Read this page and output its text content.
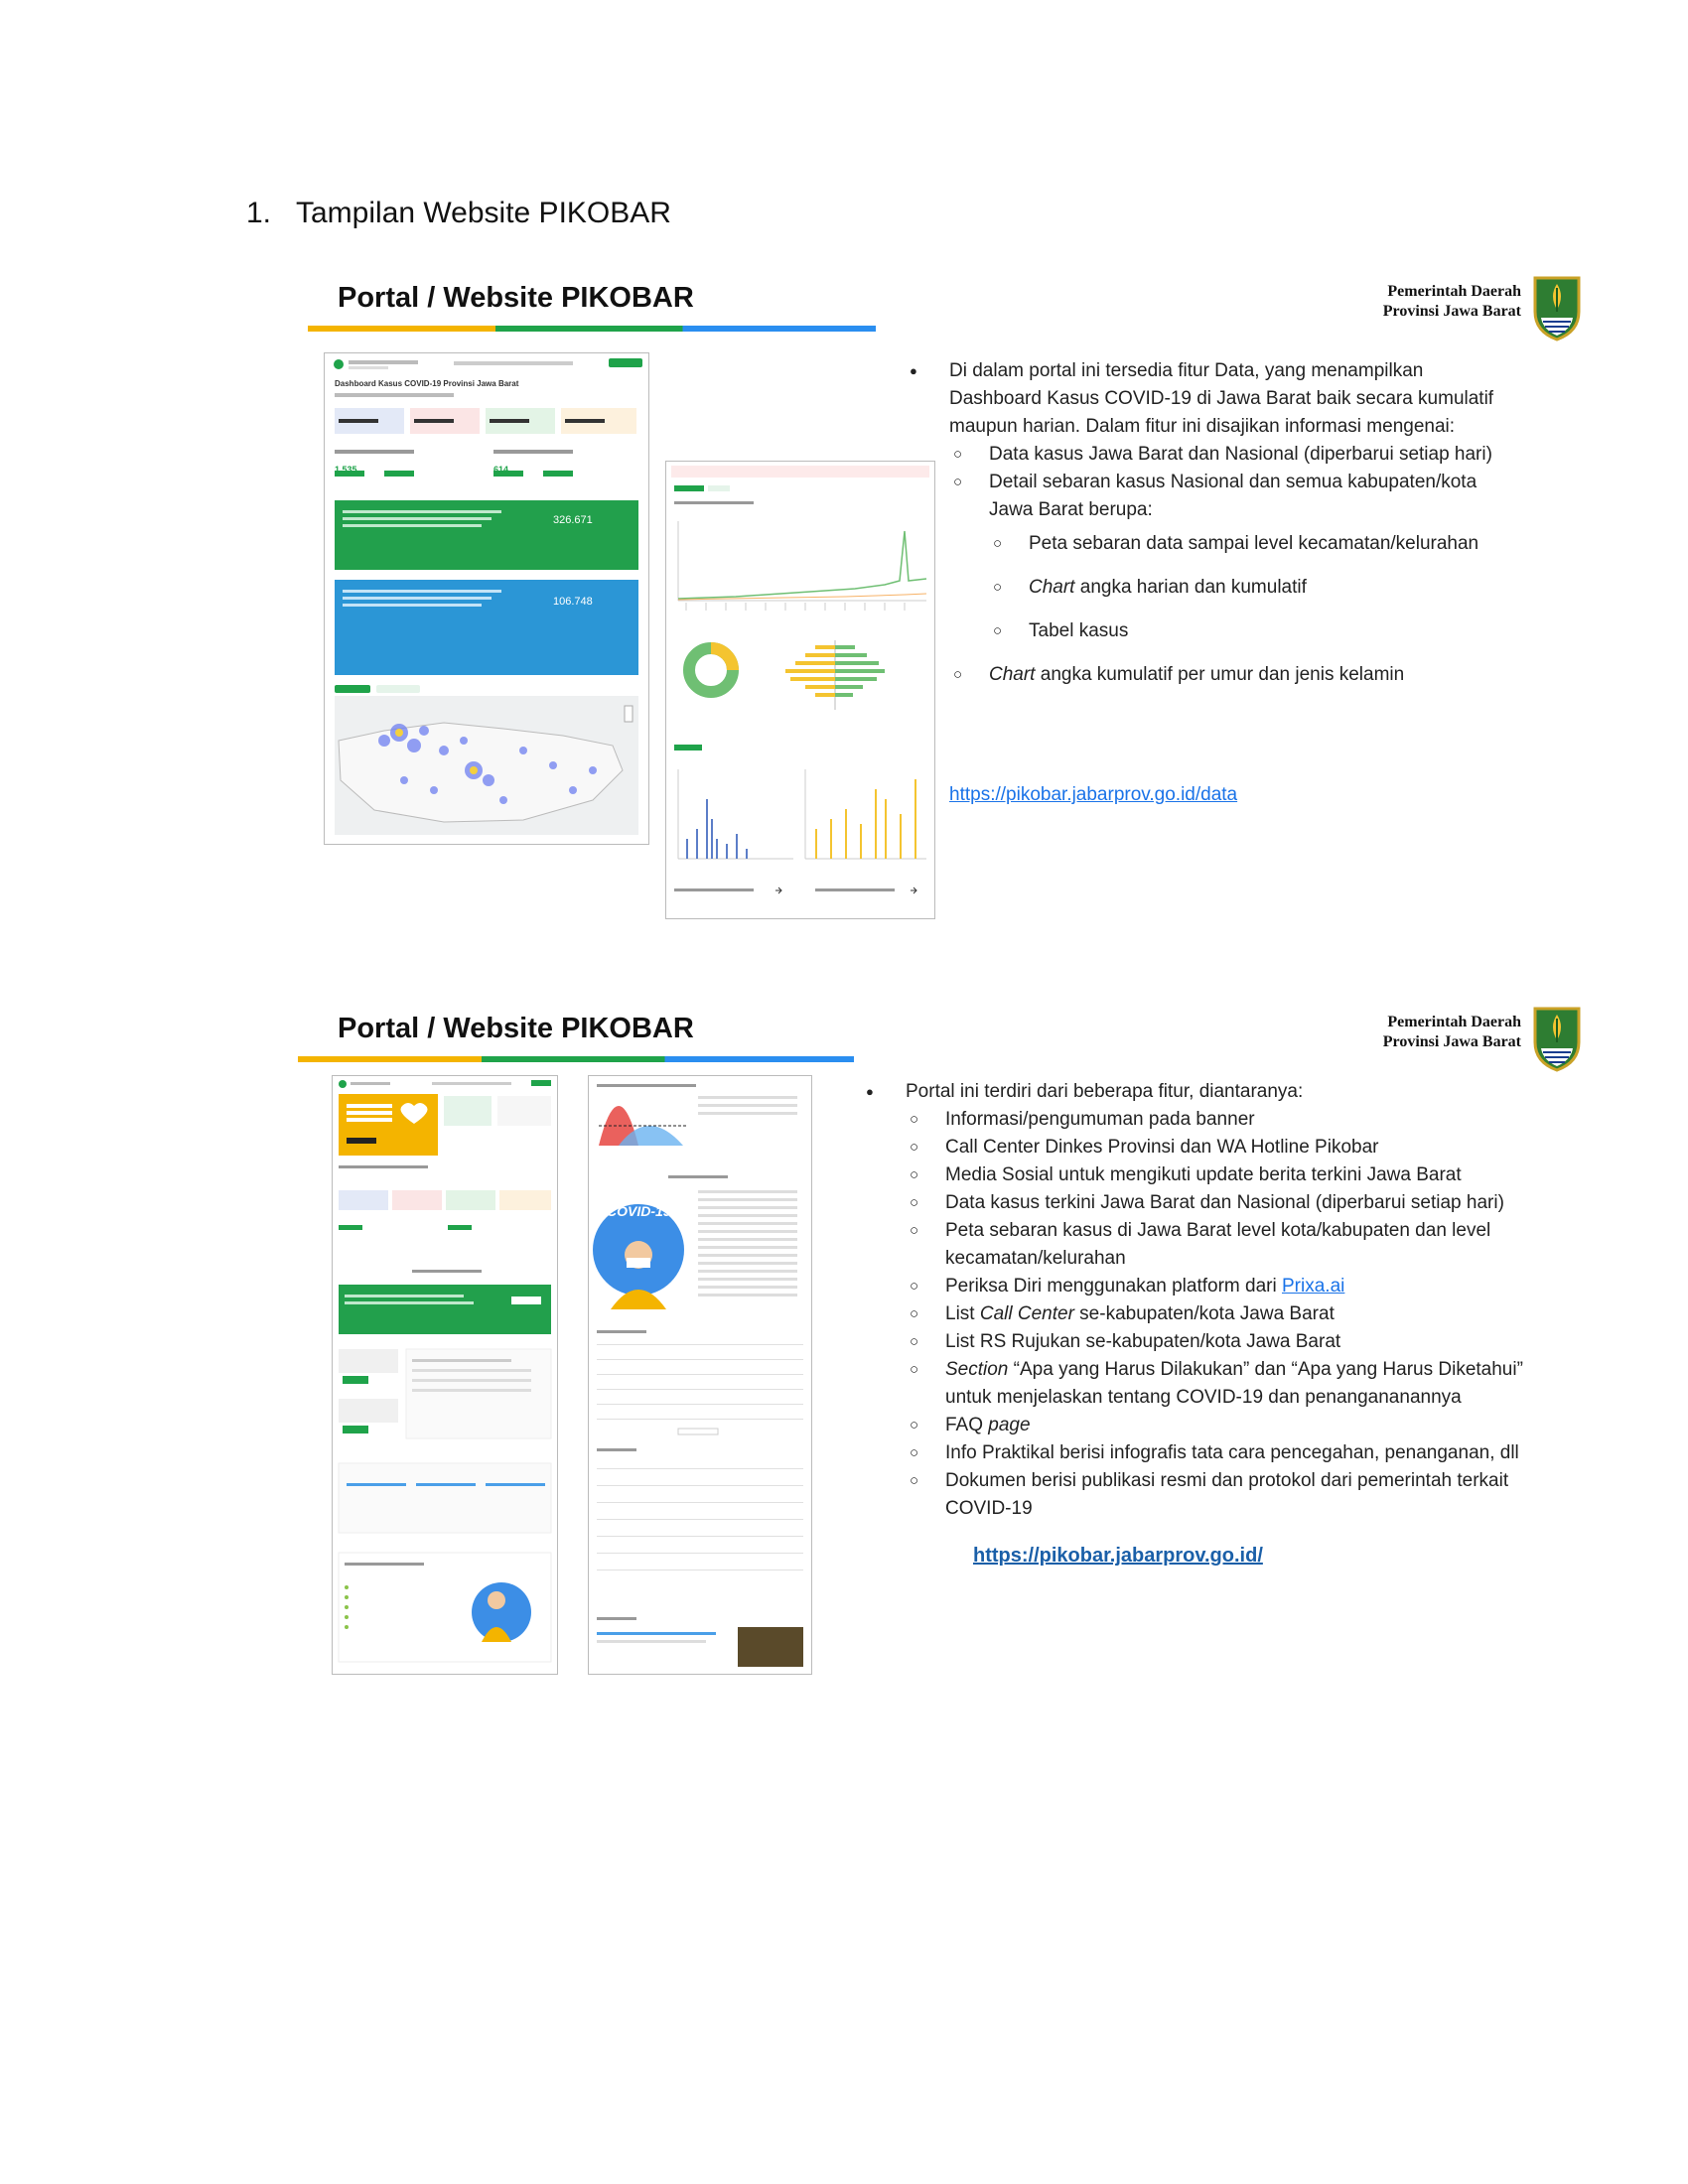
1. Tampilan Website PIKOBAR
Portal / Website PIKOBAR	Pemerintah Daerah
Provinsi Jawa Barat
Dashboard Kasus COVID-19 Provinsi Jawa Barat
1.535	614
326.671
106.748
● Di dalam portal ini tersedia fitur Data, yang menampilkan Dashboard Kasus COVID-19 di Jawa Barat baik secara kumulatif maupun harian. Dalam fitur ini disajikan informasi mengenai:
○ Data kasus Jawa Barat dan Nasional (diperbarui setiap hari)
○ Detail sebaran kasus Nasional dan semua kabupaten/kota Jawa Barat berupa:
○ Peta sebaran data sampai level kecamatan/kelurahan
○ Chart angka harian dan kumulatif
○ Tabel kasus
○ Chart angka kumulatif per umur dan jenis kelamin
https://pikobar.jabarprov.go.id/data
Portal / Website PIKOBAR	Pemerintah Daerah
Provinsi Jawa Barat
COVID-19
● Portal ini terdiri dari beberapa fitur, diantaranya:
○ Informasi/pengumuman pada banner
○ Call Center Dinkes Provinsi dan WA Hotline Pikobar
○ Media Sosial untuk mengikuti update berita terkini Jawa Barat
○ Data kasus terkini Jawa Barat dan Nasional (diperbarui setiap hari)
○ Peta sebaran kasus di Jawa Barat level kota/kabupaten dan level kecamatan/kelurahan
○ Periksa Diri menggunakan platform dari Prixa.ai
○ List Call Center se-kabupaten/kota Jawa Barat
○ List RS Rujukan se-kabupaten/kota Jawa Barat
○ Section “Apa yang Harus Dilakukan” dan “Apa yang Harus Diketahui” untuk menjelaskan tentang COVID-19 dan penangananannya
○ FAQ page
○ Info Praktikal berisi infografis tata cara pencegahan, penanganan, dll
○ Dokumen berisi publikasi resmi dan protokol dari pemerintah terkait COVID-19
https://pikobar.jabarprov.go.id/
